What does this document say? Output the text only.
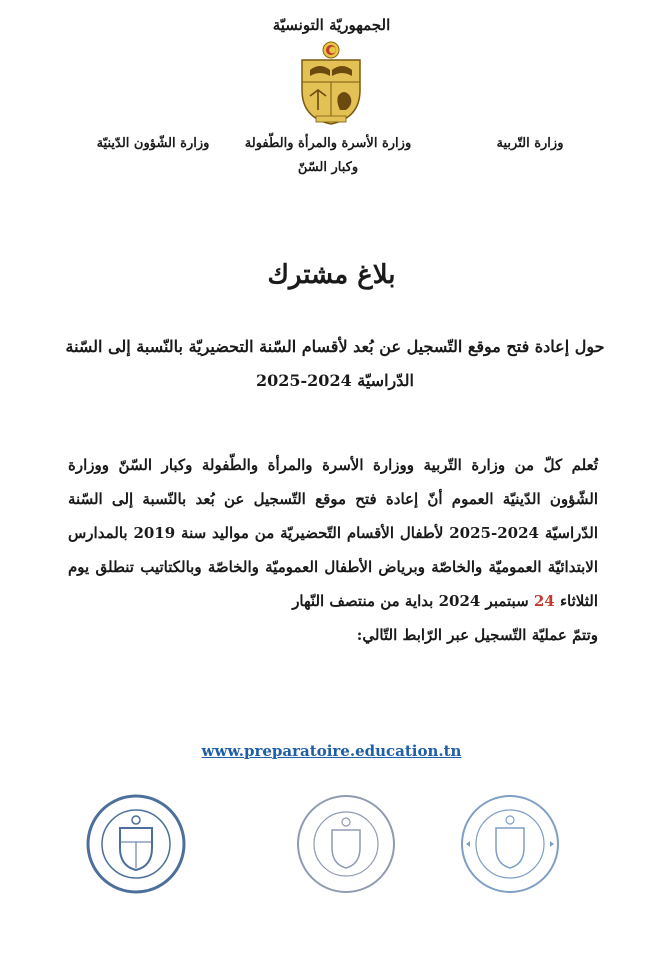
الجمهوريّة التونسيّة
وزارة التّربية
وزارة الأسرة والمرأة والطّفولة
وكبار السّنّ
وزارة الشّؤون الدّينيّة
بلاغ مشترك
حول إعادة فتح موقع التّسجيل عن بُعد لأقسام السّنة التحضيريّة بالنّسبة إلى السّنة الدّراسيّة 2024-2025
تُعلم كلّ من وزارة التّربية ووزارة الأسرة والمرأة والطّفولة وكبار السّنّ ووزارة الشّؤون الدّينيّة العموم أنّ إعادة فتح موقع التّسجيل عن بُعد بالنّسبة إلى السّنة الدّراسيّة 2024-2025 لأطفال الأقسام التّحضيريّة من مواليد سنة 2019 بالمدارس الابتدائيّة العموميّة والخاصّة وبرياض الأطفال العموميّة والخاصّة وبالكتاتيب تنطلق يوم الثلاثاء 24 سبتمبر 2024 بداية من منتصف النّهار
وتتمّ عمليّة التّسجيل عبر الرّابط التّالي:
www.preparatoire.education.tn
